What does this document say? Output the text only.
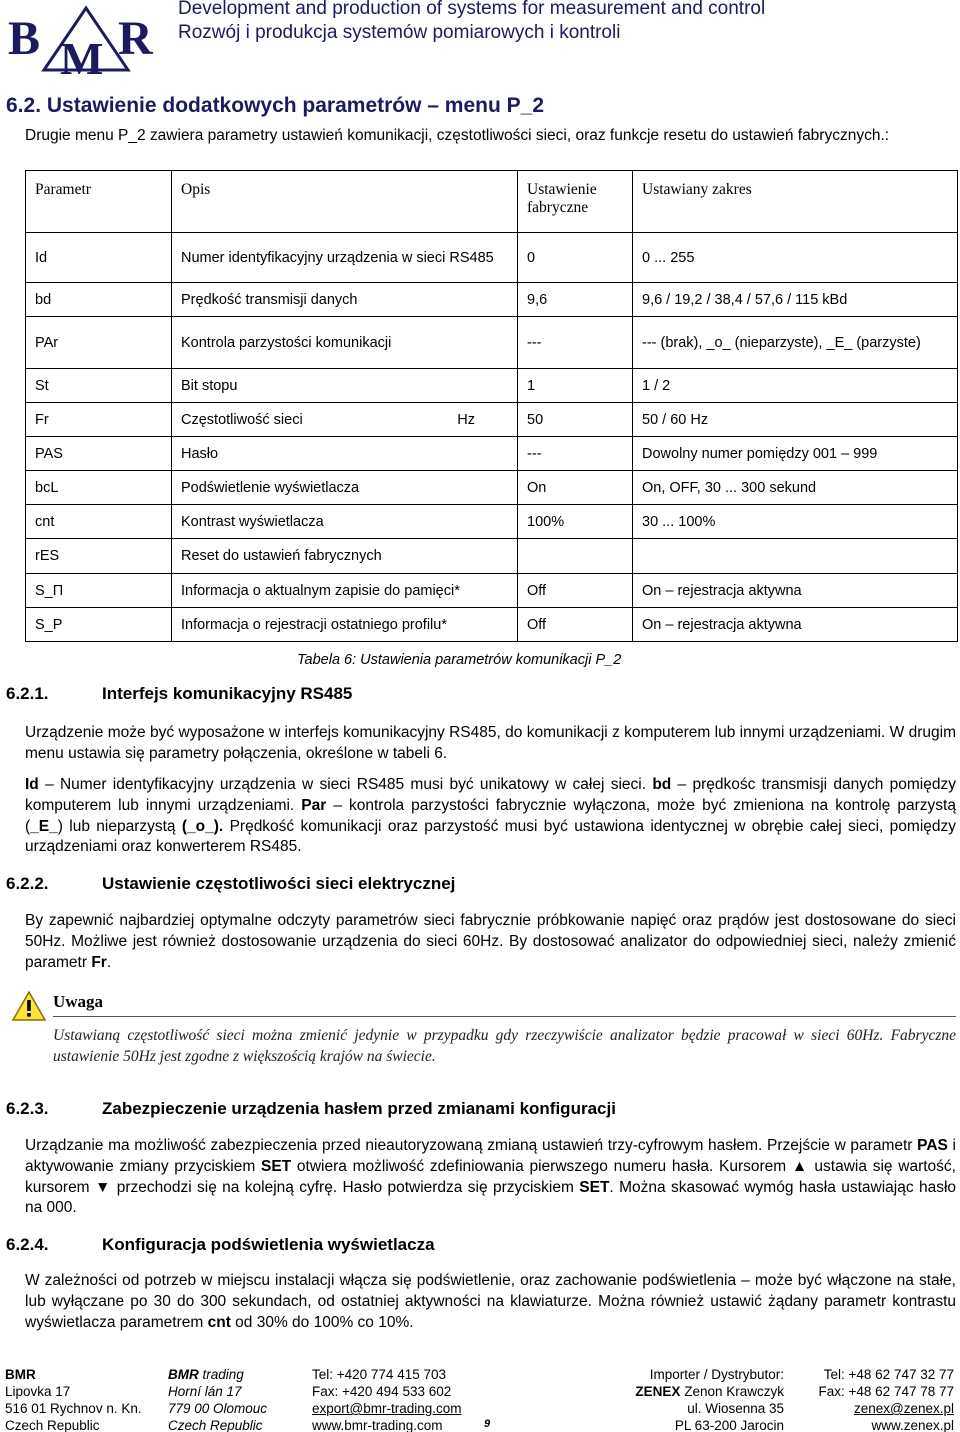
B M R
Development and production of systems for measurement and control
Rozwój i produkcja systemów pomiarowych i kontroli
6.2. Ustawienie dodatkowych parametrów – menu P_2
Drugie menu P_2 zawiera parametry ustawień komunikacji, częstotliwości sieci, oraz funkcje resetu do ustawień fabrycznych.:
Parametr	Opis	Ustawienie fabryczne	Ustawiany zakres
Id	Numer identyfikacyjny urządzenia w sieci RS485	0	0 ... 255
bd	Prędkość transmisji danych	9,6	9,6 / 19,2 / 38,4 / 57,6 / 115 kBd
PAr	Kontrola parzystości komunikacji	---	--- (brak), _o_ (nieparzyste), _E_ (parzyste)
St	Bit stopu	1	1 / 2
Fr	Częstotliwość sieci Hz	50	50 / 60 Hz
PAS	Hasło	---	Dowolny numer pomiędzy 001 – 999
bcL	Podświetlenie wyświetlacza	On	On, OFF, 30 ... 300 sekund
cnt	Kontrast wyświetlacza	100%	30 ... 100%
rES	Reset do ustawień fabrycznych		
S_П	Informacja o aktualnym zapisie do pamięci*	Off	On – rejestracja aktywna
S_P	Informacja o rejestracji ostatniego profilu*	Off	On – rejestracja aktywna
Tabela 6: Ustawienia parametrów komunikacji P_2
6.2.1.	Interfejs komunikacyjny RS485
Urządzenie może być wyposażone w interfejs komunikacyjny RS485, do komunikacji z komputerem lub innymi urządzeniami. W drugim menu ustawia się parametry połączenia, określone w tabeli 6.
Id – Numer identyfikacyjny urządzenia w sieci RS485 musi być unikatowy w całej sieci. bd – prędkośc transmisji danych pomiędzy komputerem lub innymi urządzeniami. Par – kontrola parzystości fabrycznie wyłączona, może być zmieniona na kontrolę parzystą (_E_) lub nieparzystą (_o_). Prędkość komunikacji oraz parzystość musi być ustawiona identycznej w obrębie całej sieci, pomiędzy urządzeniami oraz konwerterem RS485.
6.2.2.	Ustawienie częstotliwości sieci elektrycznej
By zapewnić najbardziej optymalne odczyty parametrów sieci fabrycznie próbkowanie napięć oraz prądów jest dostosowane do sieci 50Hz. Możliwe jest również dostosowanie urządzenia do sieci 60Hz. By dostosować analizator do odpowiedniej sieci, należy zmienić parametr Fr.
Uwaga
Ustawianą częstotliwość sieci można zmienić jedynie w przypadku gdy rzeczywiście analizator będzie pracował w sieci 60Hz. Fabryczne ustawienie 50Hz jest zgodne z większością krajów na świecie.
6.2.3.	Zabezpieczenie urządzenia hasłem przed zmianami konfiguracji
Urządzanie ma możliwość zabezpieczenia przed nieautoryzowaną zmianą ustawień trzy-cyfrowym hasłem. Przejście w parametr PAS i aktywowanie zmiany przyciskiem SET otwiera możliwość zdefiniowania pierwszego numeru hasła. Kursorem ▲ ustawia się wartość, kursorem ▼ przechodzi się na kolejną cyfrę. Hasło potwierdza się przyciskiem SET. Można skasować wymóg hasła ustawiając hasło na 000.
6.2.4.	Konfiguracja podświetlenia wyświetlacza
W zależności od potrzeb w miejscu instalacji włącza się podświetlenie, oraz zachowanie podświetlenia – może być włączone na stałe, lub wyłączane po 30 do 300 sekundach, od ostatniej aktywności na klawiaturze. Można również ustawić żądany parametr kontrastu wyświetlacza parametrem cnt od 30% do 100% co 10%.
BMR
Lipovka 17
516 01 Rychnov n. Kn.
Czech Republic
BMR trading
Horní lán 17
779 00 Olomouc
Czech Republic
Tel: +420 774 415 703
Fax: +420 494 533 602
export@bmr-trading.com
www.bmr-trading.com
Importer / Dystrybutor:
ZENEX Zenon Krawczyk
ul. Wiosenna 35
PL 63-200 Jarocin
Tel: +48 62 747 32 77
Fax: +48 62 747 78 77
zenex@zenex.pl
www.zenex.pl
9
